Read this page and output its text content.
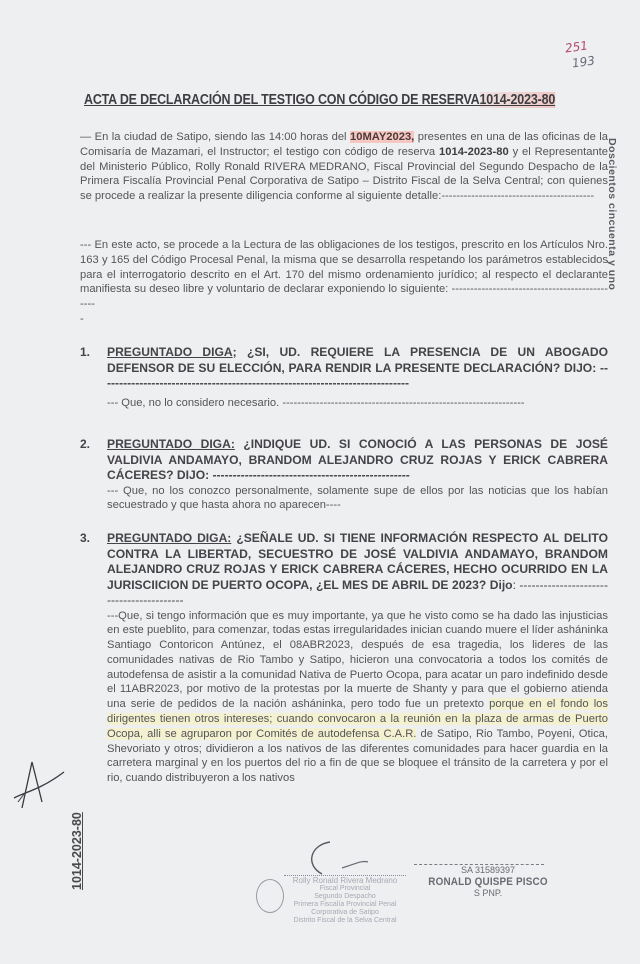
251
193
ACTA DE DECLARACIÓN DEL TESTIGO CON CÓDIGO DE RESERVA1014-2023-80
— En la ciudad de Satipo, siendo las 14:00 horas del 10MAY2023, presentes en una de las oficinas de la Comisaría de Mazamari, el Instructor; el testigo con código de reserva 1014-2023-80 y el Representante del Ministerio Público, Rolly Ronald RIVERA MEDRANO, Fiscal Provincial del Segundo Despacho de la Primera Fiscalía Provincial Penal Corporativa de Satipo – Distrito Fiscal de la Selva Central; con quienes se procede a realizar la presente diligencia conforme al siguiente detalle:-----------------------------------------
--- En este acto, se procede a la Lectura de las obligaciones de los testigos, prescrito en los Artículos Nro. 163 y 165 del Código Procesal Penal, la misma que se desarrolla respetando los parámetros establecidos para el interrogatorio descrito en el Art. 170 del mismo ordenamiento jurídico; al respecto el declarante manifiesta su deseo libre y voluntario de declarar exponiendo lo siguiente: ----------------------------------------------
-
1. PREGUNTADO DIGA; ¿SI, UD. REQUIERE LA PRESENCIA DE UN ABOGADO DEFENSOR DE SU ELECCIÓN, PARA RENDIR LA PRESENTE DECLARACIÓN? DIJO: -----------------------------------------------------------------------------
--- Que, no lo considero necesario. -----------------------------------------------------------------
2. PREGUNTADO DIGA: ¿INDIQUE UD. SI CONOCIÓ A LAS PERSONAS DE JOSÉ VALDIVIA ANDAMAYO, BRANDOM ALEJANDRO CRUZ ROJAS Y ERICK CABRERA CÁCERES? DIJO: -------------------------------------------------
--- Que, no los conozco personalmente, solamente supe de ellos por las noticias que los habían secuestrado y que hasta ahora no aparecen----
3. PREGUNTADO DIGA: ¿SEÑALE UD. SI TIENE INFORMACIÓN RESPECTO AL DELITO CONTRA LA LIBERTAD, SECUESTRO DE JOSÉ VALDIVIA ANDAMAYO, BRANDOM ALEJANDRO CRUZ ROJAS Y ERICK CABRERA CÁCERES, HECHO OCURRIDO EN LA JURISCIICION DE PUERTO OCOPA, ¿EL MES DE ABRIL DE 2023? Dijo: -----------------------------------------
---Que, si tengo información que es muy importante, ya que he visto como se ha dado las injusticias en este pueblito, para comenzar, todas estas irregularidades inician cuando muere el líder asháninka Santiago Contoricon Antúnez, el 08ABR2023, después de esa tragedia, los lideres de las comunidades nativas de Rio Tambo y Satipo, hicieron una convocatoria a todos los comités de autodefensa de asistir a la comunidad Nativa de Puerto Ocopa, para acatar un paro indefinido desde el 11ABR2023, por motivo de la protestas por la muerte de Shanty y para que el gobierno atienda una serie de pedidos de la nación asháninka, pero todo fue un pretexto porque en el fondo los dirigentes tienen otros intereses; cuando convocaron a la reunión en la plaza de armas de Puerto Ocopa, alli se agruparon por Comités de autodefensa C.A.R. de Satipo, Rio Tambo, Poyeni, Otica, Shevoriato y otros; dividieron a los nativos de las diferentes comunidades para hacer guardia en la carretera marginal y en los puertos del rio a fin de que se bloquee el tránsito de la carretera y por el rio, cuando distribuyeron a los nativos
Doscientos cincuenta y uno
1014-2023-80	Rolly Ronald Rivera Medrano
Fiscal Provincial
Segundo Despacho
Primera Fiscalía Provincial Penal
Corporativa de Satipo
Distrito Fiscal de la Selva Central
SA 31589397
RONALD QUISPE PISCO
S PNP.
